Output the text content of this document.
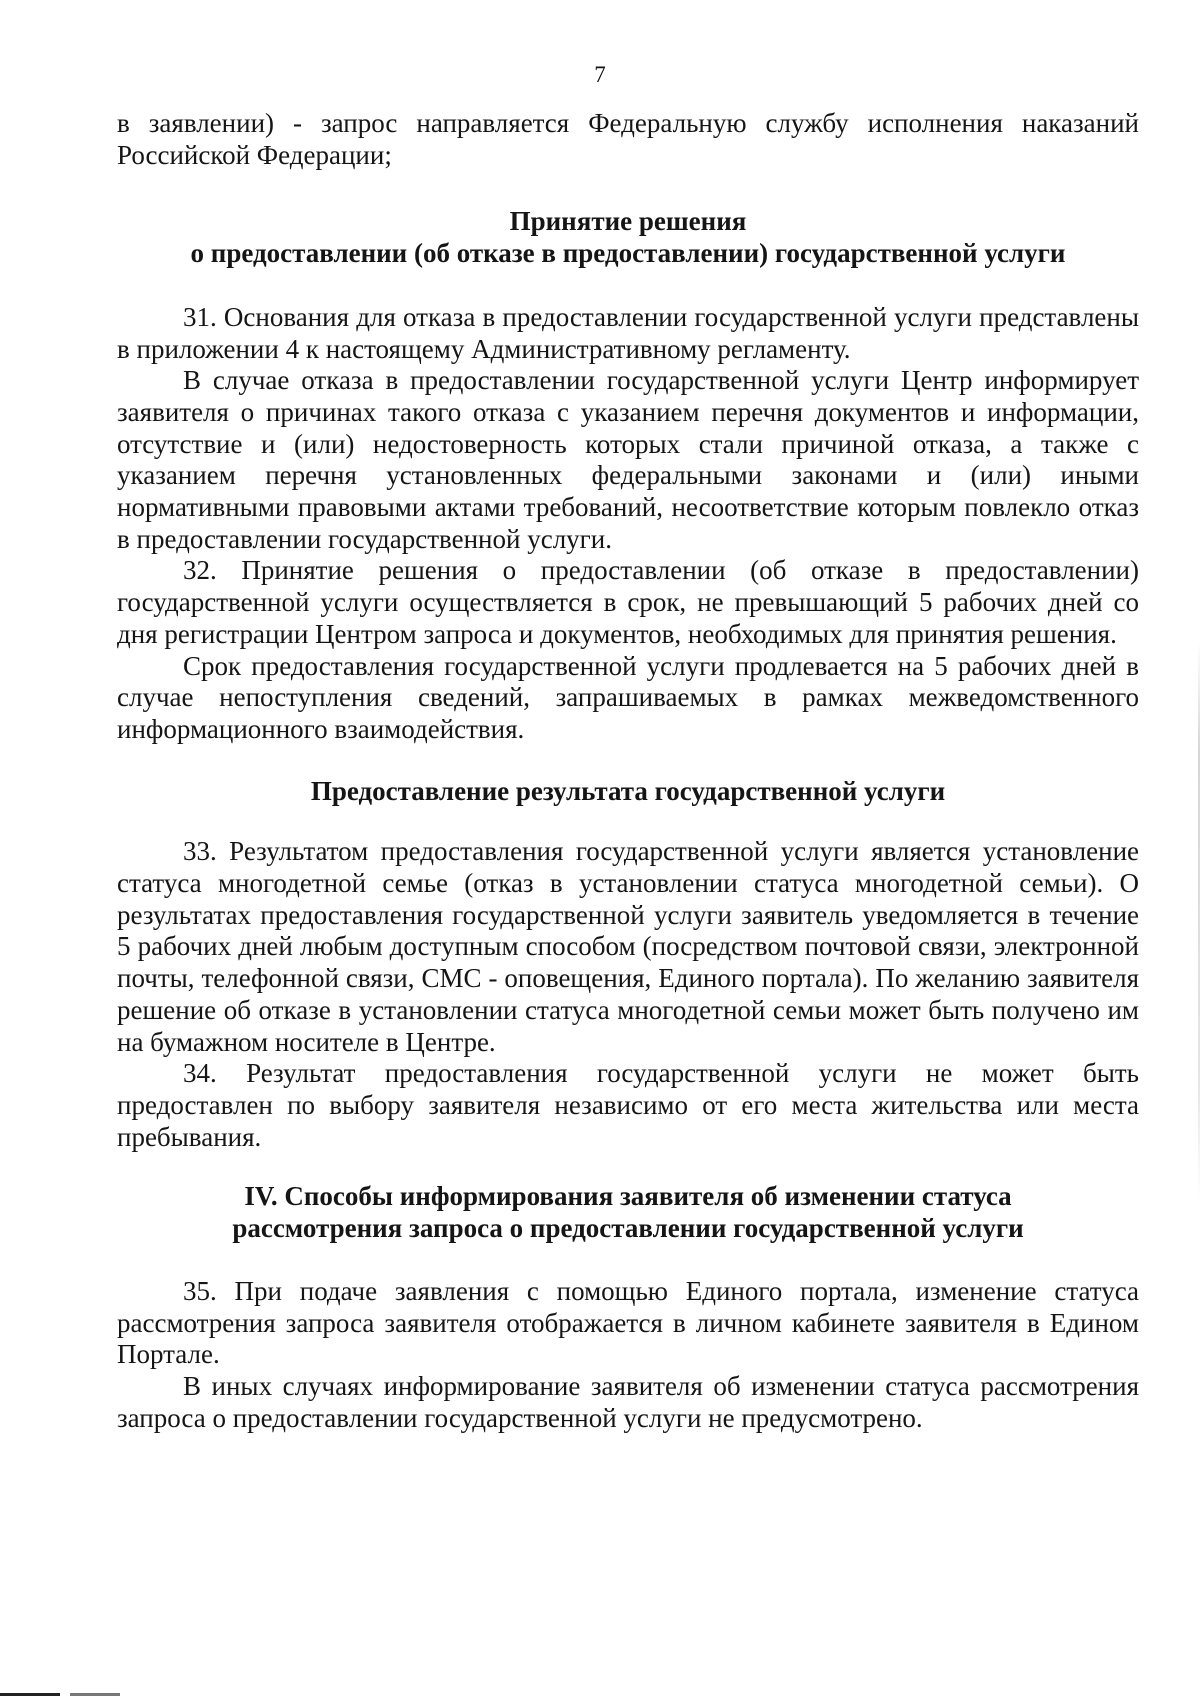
7

в заявлении) - запрос направляется Федеральную службу исполнения наказаний Российской Федерации;

Принятие решения
о предоставлении (об отказе в предоставлении) государственной услуги

31. Основания для отказа в предоставлении государственной услуги представлены в приложении 4 к настоящему Административному регламенту.

В случае отказа в предоставлении государственной услуги Центр информирует заявителя о причинах такого отказа с указанием перечня документов и информации, отсутствие и (или) недостоверность которых стали причиной отказа, а также с указанием перечня установленных федеральными законами и (или) иными нормативными правовыми актами требований, несоответствие которым повлекло отказ в предоставлении государственной услуги.

32. Принятие решения о предоставлении (об отказе в предоставлении) государственной услуги осуществляется в срок, не превышающий 5 рабочих дней со дня регистрации Центром запроса и документов, необходимых для принятия решения.

Срок предоставления государственной услуги продлевается на 5 рабочих дней в случае непоступления сведений, запрашиваемых в рамках межведомственного информационного взаимодействия.

Предоставление результата государственной услуги

33. Результатом предоставления государственной услуги является установление статуса многодетной семье (отказ в установлении статуса многодетной семьи). О результатах предоставления государственной услуги заявитель уведомляется в течение 5 рабочих дней любым доступным способом (посредством почтовой связи, электронной почты, телефонной связи, СМС - оповещения, Единого портала). По желанию заявителя решение об отказе в установлении статуса многодетной семьи может быть получено им на бумажном носителе в Центре.

34. Результат предоставления государственной услуги не может быть предоставлен по выбору заявителя независимо от его места жительства или места пребывания.

IV. Способы информирования заявителя об изменении статуса
рассмотрения запроса о предоставлении государственной услуги

35. При подаче заявления с помощью Единого портала, изменение статуса рассмотрения запроса заявителя отображается в личном кабинете заявителя в Едином Портале.

В иных случаях информирование заявителя об изменении статуса рассмотрения запроса о предоставлении государственной услуги не предусмотрено.
